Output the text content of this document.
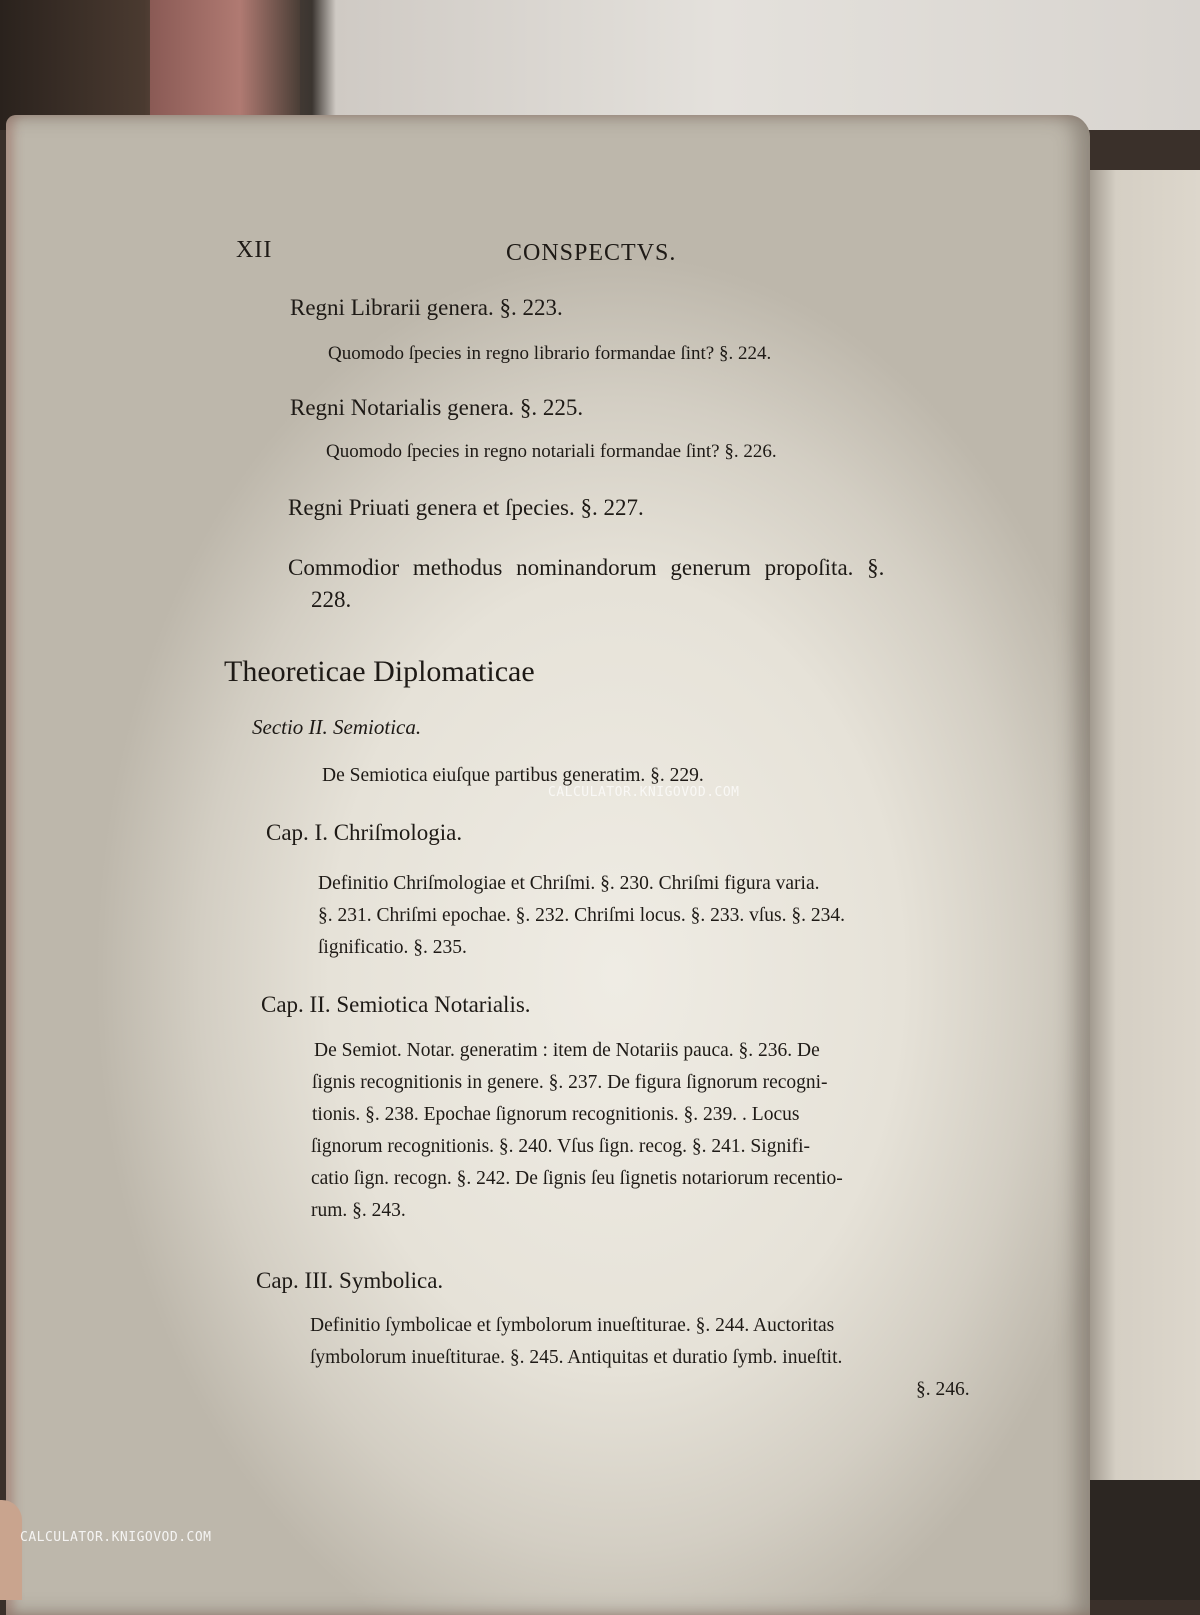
XII	CONSPECTVS.
Regni Librarii genera. §. 223.
Quomodo ſpecies in regno librario formandae ſint? §. 224.
Regni Notarialis genera. §. 225.
Quomodo ſpecies in regno notariali formandae ſint? §. 226.
Regni Priuati genera et ſpecies. §. 227.
Commodior methodus nominandorum generum propoſita. §.
228.
Theoreticae Diplomaticae
Sectio II. Semiotica.
De Semiotica eiuſque partibus generatim. §. 229.
Cap. I. Chriſmologia.
Definitio Chriſmologiae et Chriſmi. §. 230. Chriſmi figura varia.
§. 231. Chriſmi epochae. §. 232. Chriſmi locus. §. 233. vſus. §. 234.
ſignificatio. §. 235.
Cap. II. Semiotica Notarialis.
De Semiot. Notar. generatim : item de Notariis pauca. §. 236. De
ſignis recognitionis in genere. §. 237. De figura ſignorum recogni-
tionis. §. 238. Epochae ſignorum recognitionis. §. 239. . Locus
ſignorum recognitionis. §. 240. Vſus ſign. recog. §. 241. Signifi-
catio ſign. recogn. §. 242. De ſignis ſeu ſignetis notariorum recentio-
rum. §. 243.
Cap. III. Symbolica.
Definitio ſymbolicae et ſymbolorum inueſtiturae. §. 244. Auctoritas
ſymbolorum inueſtiturae. §. 245. Antiquitas et duratio ſymb. inueſtit.
§. 246.
CALCULATOR.KNIGOVOD.COM
CALCULATOR.KNIGOVOD.COM
